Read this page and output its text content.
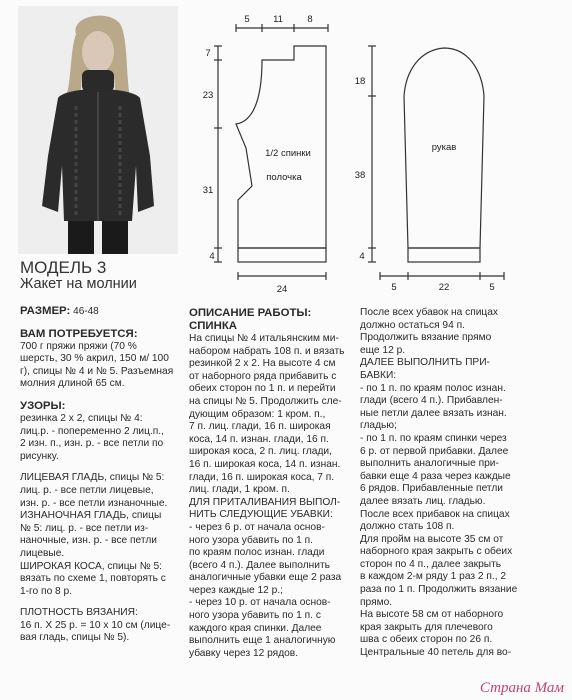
МОДЕЛЬ 3
Жакет на молнии
5 11	8
7
23
31
4
24
1/2 спинки
полочка
18
38
4
5	22	5
рукав

РАЗМЕР: 46-48

ВАМ ПОТРЕБУЕТСЯ:

700 г пряжи пряжи (70 %

шерсть, 30 % акрил, 150 м/ 100

г), спицы № 4 и № 5. Разъемная

молния длиной 65 см.

УЗОРЫ:

резинка 2 х 2, спицы № 4:

лиц.р. - попеременно 2 лиц.п.,

2 изн. п., изн. р. - все петли по

рисунку.

ЛИЦЕВАЯ ГЛАДЬ, спицы № 5:

лиц. р. - все петли лицевые,

изн. р. - все петли изнаночные.

ИЗНАНОЧНАЯ ГЛАДЬ, спицы

№ 5: лиц. р. - все петли из-

наночные, изн. р. - все петли

лицевые.

ШИРОКАЯ КОСА, спицы № 5:

вязать по схеме 1, повторять с

1-го по 8 р.

ПЛОТНОСТЬ ВЯЗАНИЯ:

16 п. Х 25 р. = 10 х 10 см (лице-

вая гладь, спицы № 5).

ОПИСАНИЕ РАБОТЫ:

СПИНКА

На спицы № 4 итальянским ми-

набором набрать 108 п. и вязать

резинкой 2 х 2. На высоте 4 см

от наборного ряда прибавить с

обеих сторон по 1 п. и перейти

на спицы № 5. Продолжить сле-

дующим образом: 1 кром. п.,

7 п. лиц. глади, 16 п. широкая

коса, 14 п. изнан. глади, 16 п.

широкая коса, 2 п. лиц. глади,

16 п. широкая коса, 14 п. изнан.

глади, 16 п. широкая коса, 7 п.

лиц. глади, 1 кром. п.

ДЛЯ ПРИТАЛИВАНИЯ ВЫПОЛ-

НИТЬ СЛЕДУЮЩИЕ УБАВКИ:

- через 6 р. от начала основ-

ного узора убавить по 1 п.

по краям полос изнан. глади

(всего 4 п.). Далее выполнить

аналогичные убавки еще 2 раза

через каждые 12 р.;

- через 10 р. от начала основ-

ного узора убавить по 1 п. с

каждого края спинки. Далее

выполнить еще 1 аналогичную

убавку через 12 рядов.

После всех убавок на спицах

должно остаться 94 п.

Продолжить вязание прямо

еще 12 р.

ДАЛЕЕ ВЫПОЛНИТЬ ПРИ-

БАВКИ:

- по 1 п. по краям полос изнан.

глади (всего 4 п.). Прибавлен-

ные петли далее вязать изнан.

гладью;

- по 1 п. по краям спинки через

6 р. от первой прибавки. Далее

выполнить аналогичные при-

бавки еще 4 раза через каждые

6 рядов. Прибавленные петли

далее вязать лиц. гладью.

После всех прибавок на спицах

должно стать 108 п.

Для пройм на высоте 35 см от

наборного края закрыть с обеих

сторон по 4 п., далее закрыть

в каждом 2-м ряду 1 раз 2 п., 2

раза по 1 п. Продолжить вязание

прямо.

На высоте 58 см от наборного

края закрыть для плечевого

шва с обеих сторон по 26 п.

Центральные 40 петель для во-

Страна Мам
